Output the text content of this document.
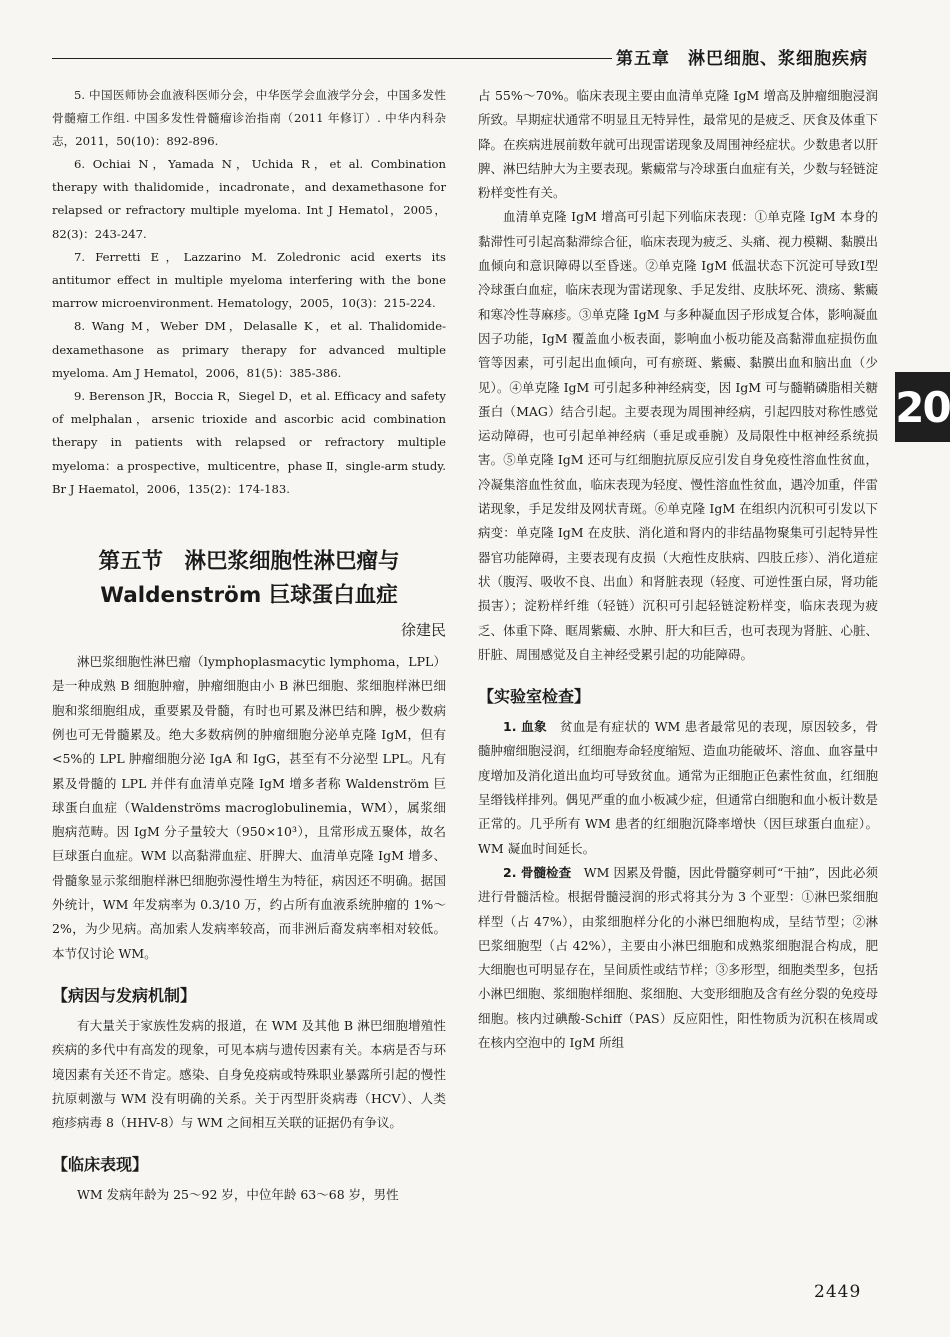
第五章　淋巴细胞、浆细胞疾病
20

5. 中国医师协会血液科医师分会，中华医学会血液学分会，中国多发性骨髓瘤工作组. 中国多发性骨髓瘤诊治指南（2011 年修订）. 中华内科杂志，2011，50(10)：892-896.

6. Ochiai N，Yamada N，Uchida R，et al. Combination therapy with thalidomide，incadronate，and dexamethasone for relapsed or refractory multiple myeloma. Int J Hematol，2005，82(3)：243-247.

7. Ferretti E，Lazzarino M. Zoledronic acid exerts its antitumor effect in multiple myeloma interfering with the bone marrow microenvironment. Hematology，2005，10(3)：215-224.

8. Wang M，Weber DM，Delasalle K，et al. Thalidomide-dexamethasone as primary therapy for advanced multiple myeloma. Am J Hematol，2006，81(5)：385-386.

9. Berenson JR，Boccia R，Siegel D，et al. Efficacy and safety of melphalan，arsenic trioxide and ascorbic acid combination therapy in patients with relapsed or refractory multiple myeloma：a prospective，multicentre，phase Ⅱ，single-arm study. Br J Haematol，2006，135(2)：174-183.

第五节　淋巴浆细胞性淋巴瘤与
Waldenström 巨球蛋白血症
徐建民

淋巴浆细胞性淋巴瘤（lymphoplasmacytic lymphoma，LPL）是一种成熟 B 细胞肿瘤，肿瘤细胞由小 B 淋巴细胞、浆细胞样淋巴细胞和浆细胞组成，重要累及骨髓，有时也可累及淋巴结和脾，极少数病例也可无骨髓累及。绝大多数病例的肿瘤细胞分泌单克隆 IgM，但有<5%的 LPL 肿瘤细胞分泌 IgA 和 IgG，甚至有不分泌型 LPL。凡有累及骨髓的 LPL 并伴有血清单克隆 IgM 增多者称 Waldenström 巨球蛋白血症（Waldenströms macroglobulinemia，WM），属浆细胞病范畴。因 IgM 分子量较大（950×10³），且常形成五聚体，故名巨球蛋白血症。WM 以高黏滞血症、肝脾大、血清单克隆 IgM 增多、骨髓象显示浆细胞样淋巴细胞弥漫性增生为特征，病因还不明确。据国外统计，WM 年发病率为 0.3/10 万，约占所有血液系统肿瘤的 1%～2%，为少见病。高加索人发病率较高，而非洲后裔发病率相对较低。本节仅讨论 WM。

【病因与发病机制】

有大量关于家族性发病的报道，在 WM 及其他 B 淋巴细胞增殖性疾病的多代中有高发的现象，可见本病与遗传因素有关。本病是否与环境因素有关还不肯定。感染、自身免疫病或特殊职业暴露所引起的慢性抗原刺激与 WM 没有明确的关系。关于丙型肝炎病毒（HCV）、人类疱疹病毒 8（HHV-8）与 WM 之间相互关联的证据仍有争议。

【临床表现】

WM 发病年龄为 25～92 岁，中位年龄 63～68 岁，男性

占 55%～70%。临床表现主要由血清单克隆 IgM 增高及肿瘤细胞浸润所致。早期症状通常不明显且无特异性，最常见的是疲乏、厌食及体重下降。在疾病进展前数年就可出现雷诺现象及周围神经症状。少数患者以肝脾、淋巴结肿大为主要表现。紫癜常与冷球蛋白血症有关，少数与轻链淀粉样变性有关。

血清单克隆 IgM 增高可引起下列临床表现：①单克隆 IgM 本身的黏滞性可引起高黏滞综合征，临床表现为疲乏、头痛、视力模糊、黏膜出血倾向和意识障碍以至昏迷。②单克隆 IgM 低温状态下沉淀可导致Ⅰ型冷球蛋白血症，临床表现为雷诺现象、手足发绀、皮肤坏死、溃疡、紫癜和寒冷性荨麻疹。③单克隆 IgM 与多种凝血因子形成复合体，影响凝血因子功能，IgM 覆盖血小板表面，影响血小板功能及高黏滞血症损伤血管等因素，可引起出血倾向，可有瘀斑、紫癜、黏膜出血和脑出血（少见）。④单克隆 IgM 可引起多种神经病变，因 IgM 可与髓鞘磷脂相关糖蛋白（MAG）结合引起。主要表现为周围神经病，引起四肢对称性感觉运动障碍，也可引起单神经病（垂足或垂腕）及局限性中枢神经系统损害。⑤单克隆 IgM 还可与红细胞抗原反应引发自身免疫性溶血性贫血，冷凝集溶血性贫血，临床表现为轻度、慢性溶血性贫血，遇冷加重，伴雷诺现象，手足发绀及网状青斑。⑥单克隆 IgM 在组织内沉积可引发以下病变：单克隆 IgM 在皮肤、消化道和肾内的非结晶物聚集可引起特异性器官功能障碍，主要表现有皮损（大疱性皮肤病、四肢丘疹）、消化道症状（腹泻、吸收不良、出血）和肾脏表现（轻度、可逆性蛋白尿，肾功能损害）；淀粉样纤维（轻链）沉积可引起轻链淀粉样变，临床表现为疲乏、体重下降、眶周紫癜、水肿、肝大和巨舌，也可表现为肾脏、心脏、肝脏、周围感觉及自主神经受累引起的功能障碍。

【实验室检查】

1. 血象　 贫血是有症状的 WM 患者最常见的表现，原因较多，骨髓肿瘤细胞浸润，红细胞寿命轻度缩短、造血功能破坏、溶血、血容量中度增加及消化道出血均可导致贫血。通常为正细胞正色素性贫血，红细胞呈缗钱样排列。偶见严重的血小板减少症，但通常白细胞和血小板计数是正常的。几乎所有 WM 患者的红细胞沉降率增快（因巨球蛋白血症）。WM 凝血时间延长。

2. 骨髓检查　 WM 因累及骨髓，因此骨髓穿刺可“干抽”，因此必须进行骨髓活检。根据骨髓浸润的形式将其分为 3 个亚型：①淋巴浆细胞样型（占 47%），由浆细胞样分化的小淋巴细胞构成，呈结节型；②淋巴浆细胞型（占 42%），主要由小淋巴细胞和成熟浆细胞混合构成，肥大细胞也可明显存在，呈间质性或结节样；③多形型，细胞类型多，包括小淋巴细胞、浆细胞样细胞、浆细胞、大变形细胞及含有丝分裂的免疫母细胞。核内过碘酸-Schiff（PAS）反应阳性，阳性物质为沉积在核周或在核内空泡中的 IgM 所组

2449
